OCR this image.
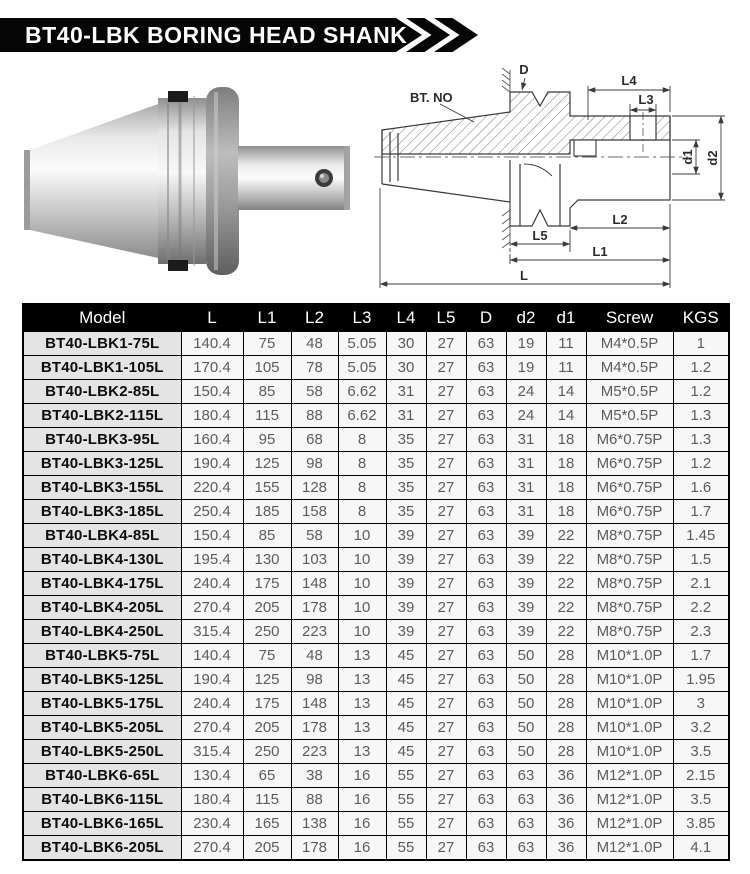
BT40-LBK BORING HEAD SHANK
D
BT. NO
L4
L3
d1 d2
L5
L2
L1
L
Model	L	L1	L2	L3	L4	L5	D	d2	d1	Screw	KGS
BT40-LBK1-75L	140.4	75	48	5.05	30	27	63	19	11	M4*0.5P	1
BT40-LBK1-105L	170.4	105	78	5.05	30	27	63	19	11	M4*0.5P	1.2
BT40-LBK2-85L	150.4	85	58	6.62	31	27	63	24	14	M5*0.5P	1.2
BT40-LBK2-115L	180.4	115	88	6.62	31	27	63	24	14	M5*0.5P	1.3
BT40-LBK3-95L	160.4	95	68	8	35	27	63	31	18	M6*0.75P	1.3
BT40-LBK3-125L	190.4	125	98	8	35	27	63	31	18	M6*0.75P	1.2
BT40-LBK3-155L	220.4	155	128	8	35	27	63	31	18	M6*0.75P	1.6
BT40-LBK3-185L	250.4	185	158	8	35	27	63	31	18	M6*0.75P	1.7
BT40-LBK4-85L	150.4	85	58	10	39	27	63	39	22	M8*0.75P	1.45
BT40-LBK4-130L	195.4	130	103	10	39	27	63	39	22	M8*0.75P	1.5
BT40-LBK4-175L	240.4	175	148	10	39	27	63	39	22	M8*0.75P	2.1
BT40-LBK4-205L	270.4	205	178	10	39	27	63	39	22	M8*0.75P	2.2
BT40-LBK4-250L	315.4	250	223	10	39	27	63	39	22	M8*0.75P	2.3
BT40-LBK5-75L	140.4	75	48	13	45	27	63	50	28	M10*1.0P	1.7
BT40-LBK5-125L	190.4	125	98	13	45	27	63	50	28	M10*1.0P	1.95
BT40-LBK5-175L	240.4	175	148	13	45	27	63	50	28	M10*1.0P	3
BT40-LBK5-205L	270.4	205	178	13	45	27	63	50	28	M10*1.0P	3.2
BT40-LBK5-250L	315.4	250	223	13	45	27	63	50	28	M10*1.0P	3.5
BT40-LBK6-65L	130.4	65	38	16	55	27	63	63	36	M12*1.0P	2.15
BT40-LBK6-115L	180.4	115	88	16	55	27	63	63	36	M12*1.0P	3.5
BT40-LBK6-165L	230.4	165	138	16	55	27	63	63	36	M12*1.0P	3.85
BT40-LBK6-205L	270.4	205	178	16	55	27	63	63	36	M12*1.0P	4.1
